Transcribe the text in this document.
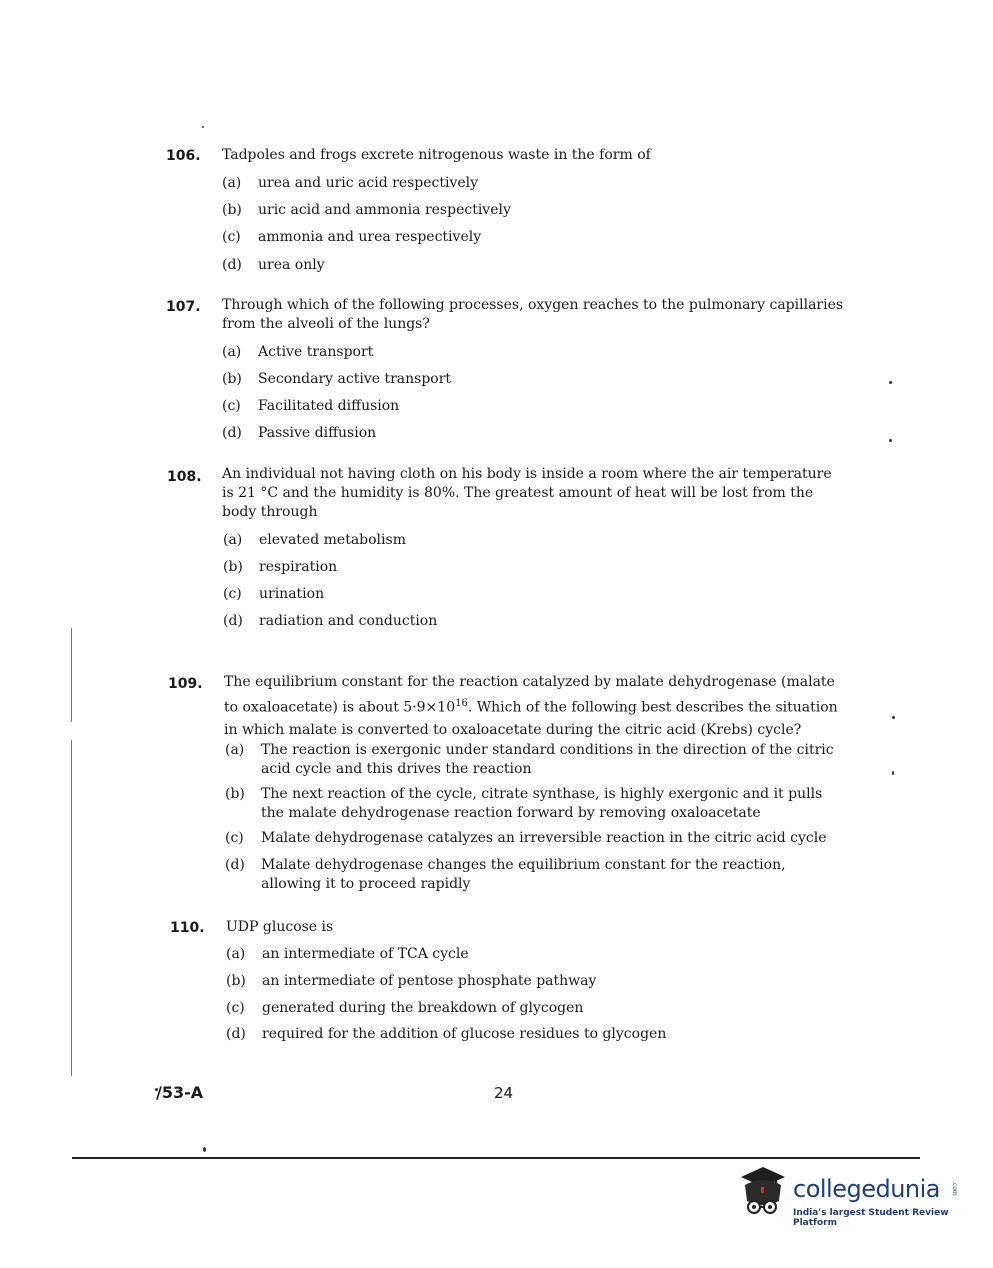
106. Tadpoles and frogs excrete nitrogenous waste in the form of
(a) urea and uric acid respectively
(b) uric acid and ammonia respectively
(c) ammonia and urea respectively
(d) urea only
107. Through which of the following processes, oxygen reaches to the pulmonary capillaries from the alveoli of the lungs?
(a) Active transport
(b) Secondary active transport
(c) Facilitated diffusion
(d) Passive diffusion
108. An individual not having cloth on his body is inside a room where the air temperature is 21 °C and the humidity is 80%. The greatest amount of heat will be lost from the body through
(a) elevated metabolism
(b) respiration
(c) urination
(d) radiation and conduction
109. The equilibrium constant for the reaction catalyzed by malate dehydrogenase (malate to oxaloacetate) is about $5\cdot 9\times 10^{16}$. Which of the following best describes the situation in which malate is converted to oxaloacetate during the citric acid (Krebs) cycle?
(a) The reaction is exergonic under standard conditions in the direction of the citric acid cycle and this drives the reaction
(b) The next reaction of the cycle, citrate synthase, is highly exergonic and it pulls the malate dehydrogenase reaction forward by removing oxaloacetate
(c) Malate dehydrogenase catalyzes an irreversible reaction in the citric acid cycle
(d) Malate dehydrogenase changes the equilibrium constant for the reaction, allowing it to proceed rapidly
110. UDP glucose is
(a) an intermediate of TCA cycle
(b) an intermediate of pentose phosphate pathway
(c) generated during the breakdown of glycogen
(d) required for the addition of glucose residues to glycogen
/53-A	24
collegedunia .com
India's largest Student Review Platform
